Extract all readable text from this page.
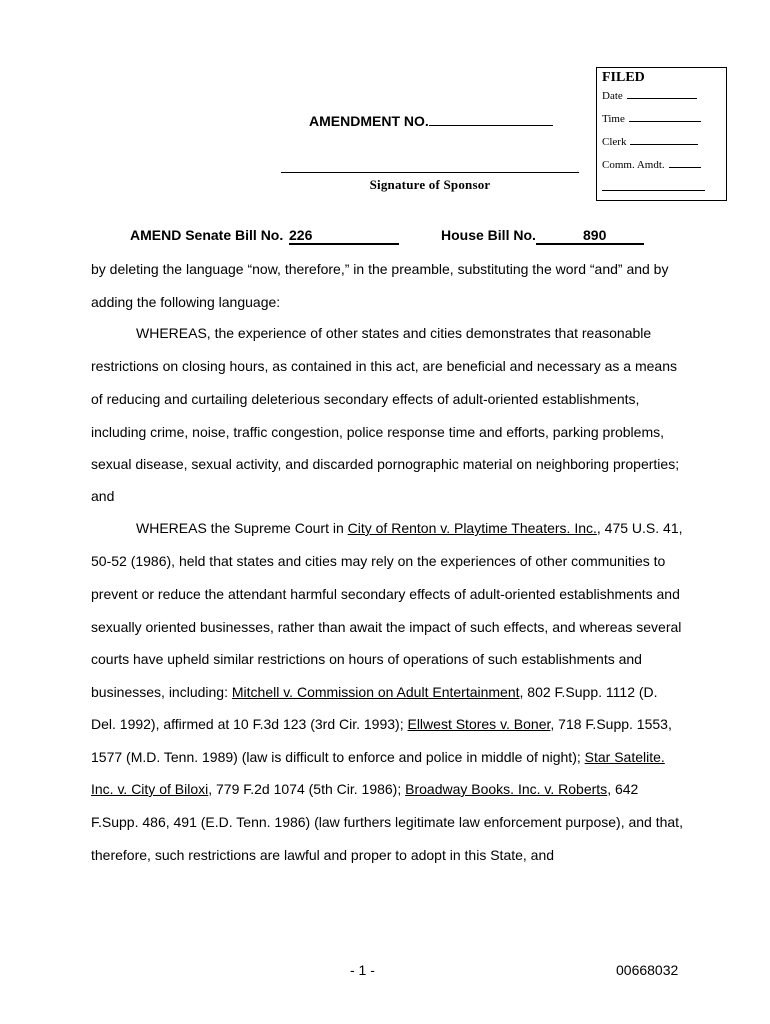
FILED
Date
Time
Clerk
Comm. Amdt.
AMENDMENT NO.
Signature of Sponsor
AMEND Senate Bill No. 226	House Bill No.	890
by deleting the language “now, therefore,” in the preamble, substituting the word “and” and by
adding the following language:
WHEREAS, the experience of other states and cities demonstrates that reasonable
restrictions on closing hours, as contained in this act, are beneficial and necessary as a means
of reducing and curtailing deleterious secondary effects of adult-oriented establishments,
including crime, noise, traffic congestion, police response time and efforts, parking problems,
sexual disease, sexual activity, and discarded pornographic material on neighboring properties;
and
WHEREAS the Supreme Court in City of Renton v. Playtime Theaters. Inc., 475 U.S. 41,
50-52 (1986), held that states and cities may rely on the experiences of other communities to
prevent or reduce the attendant harmful secondary effects of adult-oriented establishments and
sexually oriented businesses, rather than await the impact of such effects, and whereas several
courts have upheld similar restrictions on hours of operations of such establishments and
businesses, including: Mitchell v. Commission on Adult Entertainment, 802 F.Supp. 1112 (D.
Del. 1992), affirmed at 10 F.3d 123 (3rd Cir. 1993); Ellwest Stores v. Boner, 718 F.Supp. 1553,
1577 (M.D. Tenn. 1989) (law is difficult to enforce and police in middle of night); Star Satelite.
Inc. v. City of Biloxi, 779 F.2d 1074 (5th Cir. 1986); Broadway Books. Inc. v. Roberts, 642
F.Supp. 486, 491 (E.D. Tenn. 1986) (law furthers legitimate law enforcement purpose), and that,
therefore, such restrictions are lawful and proper to adopt in this State, and
- 1 -	00668032
